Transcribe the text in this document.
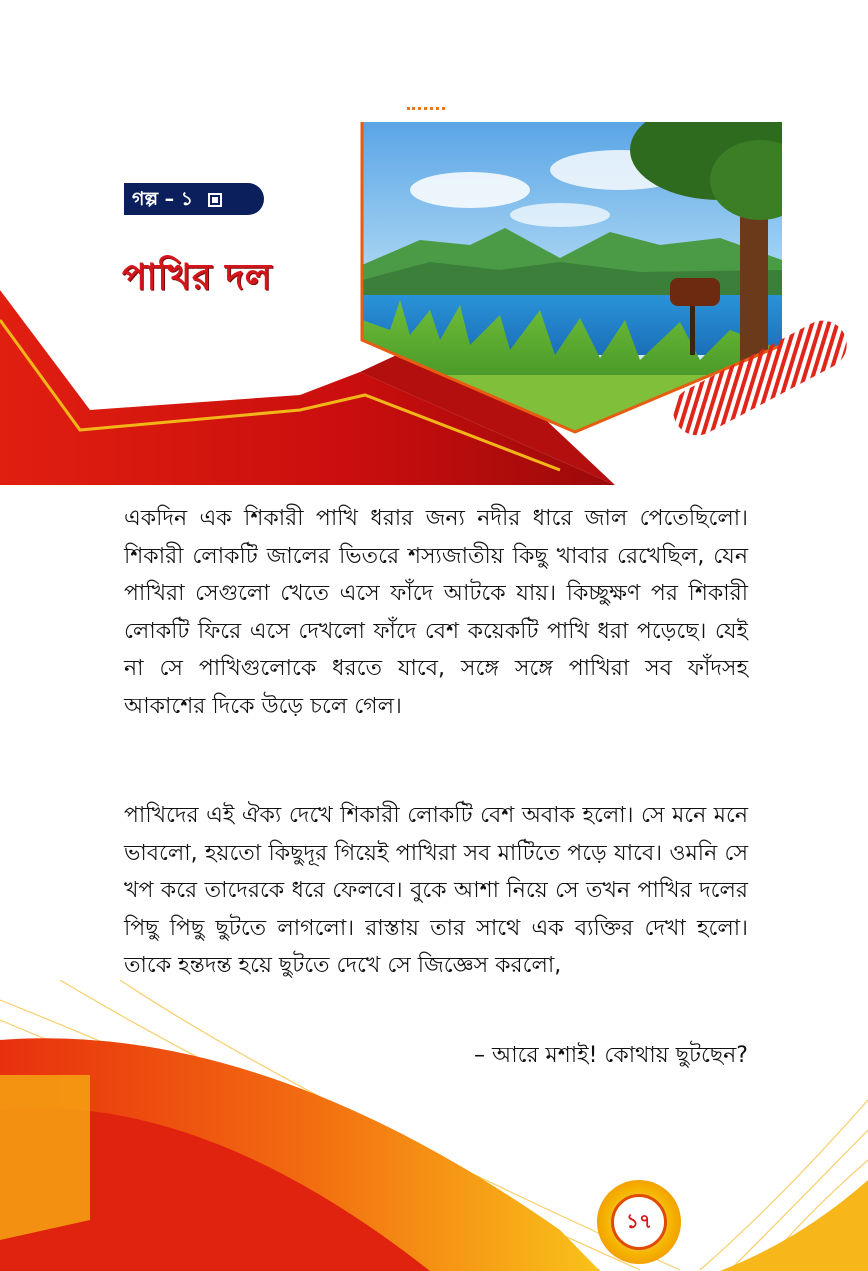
গল্প – ১
পাখির দল

একদিন এক শিকারী পাখি ধরার জন্য নদীর ধারে জাল পেতেছিলো। শিকারী লোকটি জালের ভিতরে শস্যজাতীয় কিছু খাবার রেখেছিল, যেন পাখিরা সেগুলো খেতে এসে ফাঁদে আটকে যায়। কিচ্ছুক্ষণ পর শিকারী লোকটি ফিরে এসে দেখলো ফাঁদে বেশ কয়েকটি পাখি ধরা পড়েছে। যেই না সে পাখিগুলোকে ধরতে যাবে, সঙ্গে সঙ্গে পাখিরা সব ফাঁদসহ আকাশের দিকে উড়ে চলে গেল।

পাখিদের এই ঐক্য দেখে শিকারী লোকটি বেশ অবাক হলো। সে মনে মনে ভাবলো, হয়তো কিছুদূর গিয়েই পাখিরা সব মাটিতে পড়ে যাবে। ওমনি সে খপ করে তাদেরকে ধরে ফেলবে। বুকে আশা নিয়ে সে তখন পাখির দলের পিছু পিছু ছুটতে লাগলো। রাস্তায় তার সাথে এক ব্যক্তির দেখা হলো। তাকে হন্তদন্ত হয়ে ছুটতে দেখে সে জিজ্ঞেস করলো,

– আরে মশাই! কোথায় ছুটছেন?

১৭
